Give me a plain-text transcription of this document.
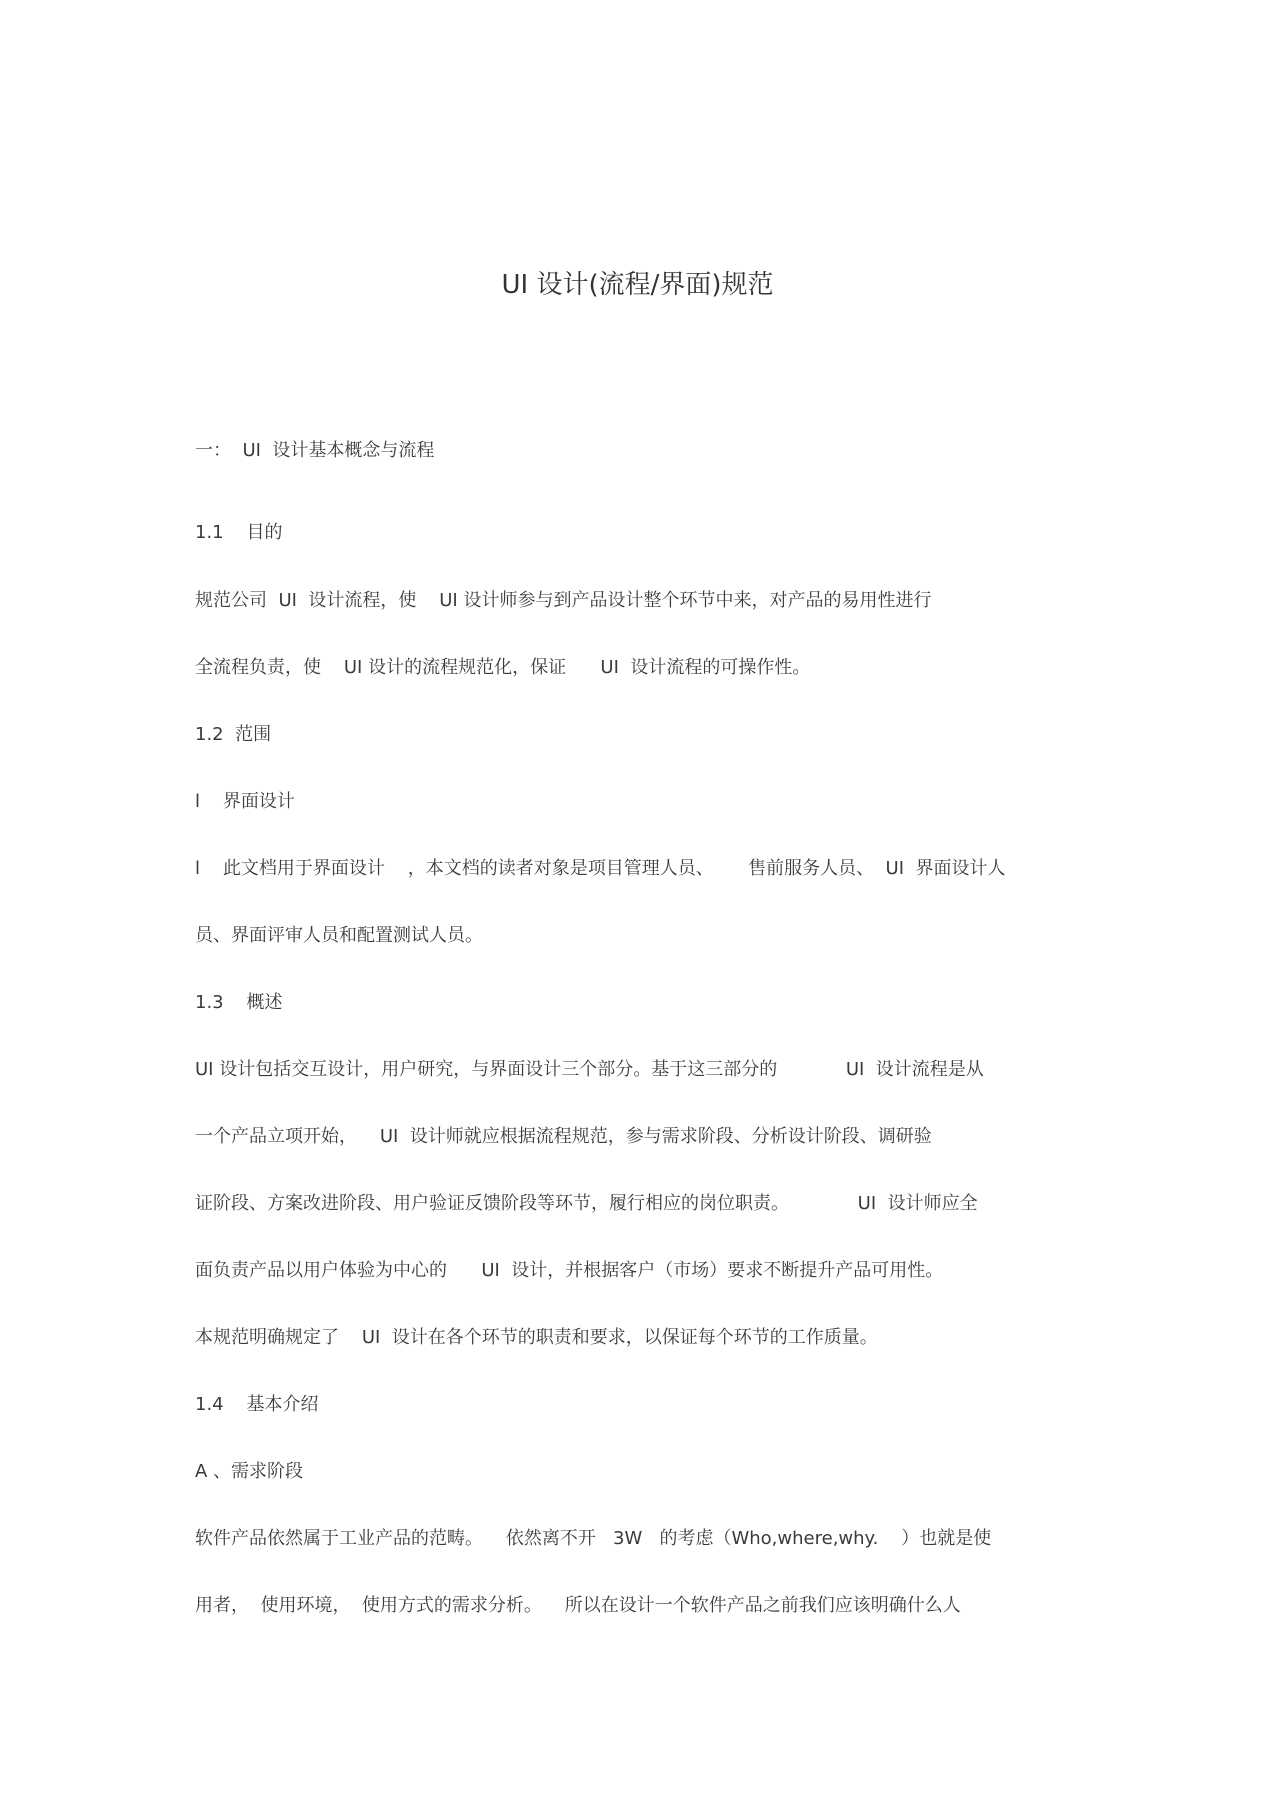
UI 设计(流程/界面)规范
一：  UI  设计基本概念与流程
1.1    目的
规范公司  UI  设计流程，使    UI 设计师参与到产品设计整个环节中来，对产品的易用性进行
全流程负责，使    UI 设计的流程规范化，保证      UI  设计流程的可操作性。
1.2  范围
l    界面设计
l    此文档用于界面设计    ，本文档的读者对象是项目管理人员、      售前服务人员、  UI  界面设计人
员、界面评审人员和配置测试人员。
1.3    概述
UI 设计包括交互设计，用户研究，与界面设计三个部分。基于这三部分的            UI  设计流程是从
一个产品立项开始，    UI  设计师就应根据流程规范，参与需求阶段、分析设计阶段、调研验
证阶段、方案改进阶段、用户验证反馈阶段等环节，履行相应的岗位职责。            UI  设计师应全
面负责产品以用户体验为中心的      UI  设计，并根据客户（市场）要求不断提升产品可用性。
本规范明确规定了    UI  设计在各个环节的职责和要求，以保证每个环节的工作质量。
1.4    基本介绍
A 、需求阶段
软件产品依然属于工业产品的范畴。    依然离不开   3W   的考虑（Who,where,why.    ）也就是使
用者，  使用环境，  使用方式的需求分析。    所以在设计一个软件产品之前我们应该明确什么人
